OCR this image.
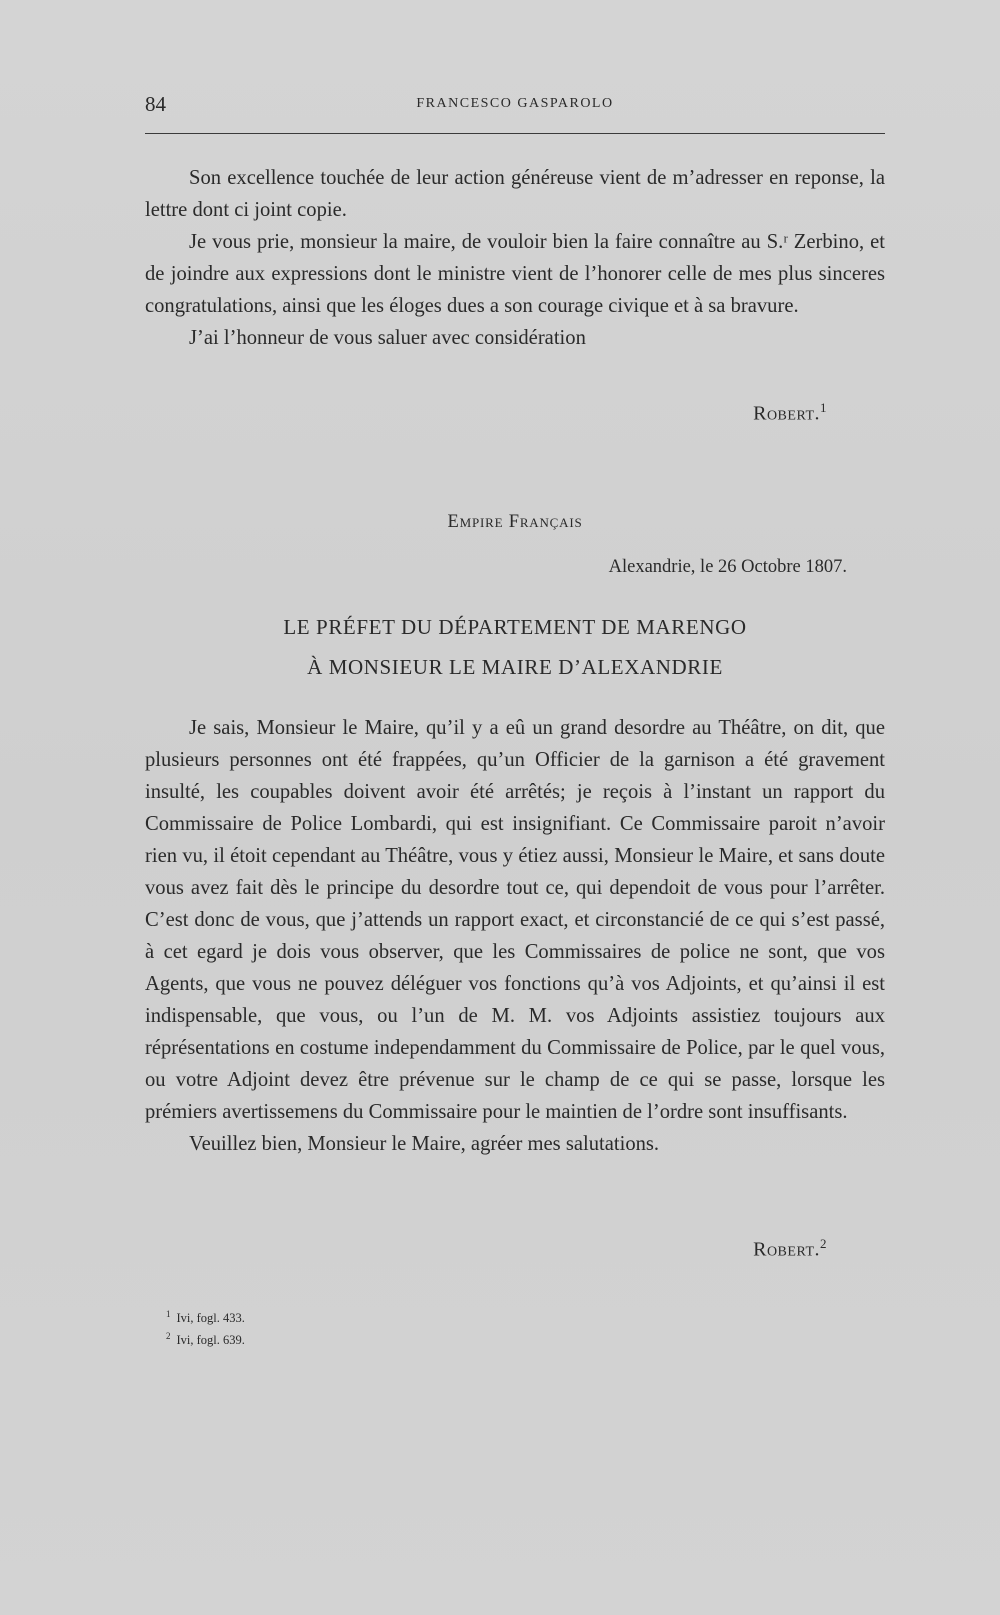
84	FRANCESCO GASPAROLO

Son excellence touchée de leur action généreuse vient de m’adresser en reponse, la lettre dont ci joint copie.

Je vous prie, monsieur la maire, de vouloir bien la faire connaître au S.ʳ Zerbino, et de joindre aux expressions dont le ministre vient de l’honorer celle de mes plus sinceres congratulations, ainsi que les éloges dues a son courage civique et à sa bravure.

J’ai l’honneur de vous saluer avec considération

Robert.$^1$
Empire Français
Alexandrie, le 26 Octobre 1807.
LE PRÉFET DU DÉPARTEMENT DE MARENGO
À MONSIEUR LE MAIRE D’ALEXANDRIE

Je sais, Monsieur le Maire, qu’il y a eû un grand desordre au Théâtre, on dit, que plusieurs personnes ont été frappées, qu’un Officier de la garnison a été gravement insulté, les coupables doivent avoir été arrêtés; je reçois à l’instant un rapport du Commissaire de Police Lombardi, qui est insignifiant. Ce Commissaire paroit n’avoir rien vu, il étoit cependant au Théâtre, vous y étiez aussi, Monsieur le Maire, et sans doute vous avez fait dès le principe du desordre tout ce, qui dependoit de vous pour l’arrêter. C’est donc de vous, que j’attends un rapport exact, et circonstancié de ce qui s’est passé, à cet egard je dois vous observer, que les Commissaires de police ne sont, que vos Agents, que vous ne pouvez déléguer vos fonctions qu’à vos Adjoints, et qu’ainsi il est indispensable, que vous, ou l’un de M. M. vos Adjoints assistiez toujours aux réprésentations en costume independamment du Commissaire de Police, par le quel vous, ou votre Adjoint devez être prévenue sur le champ de ce qui se passe, lorsque les prémiers avertissemens du Commissaire pour le maintien de l’ordre sont insuffisants.

Veuillez bien, Monsieur le Maire, agréer mes salutations.

Robert.$^2$
$^1$ Ivi, fogl. 433.
$^2$ Ivi, fogl. 639.
